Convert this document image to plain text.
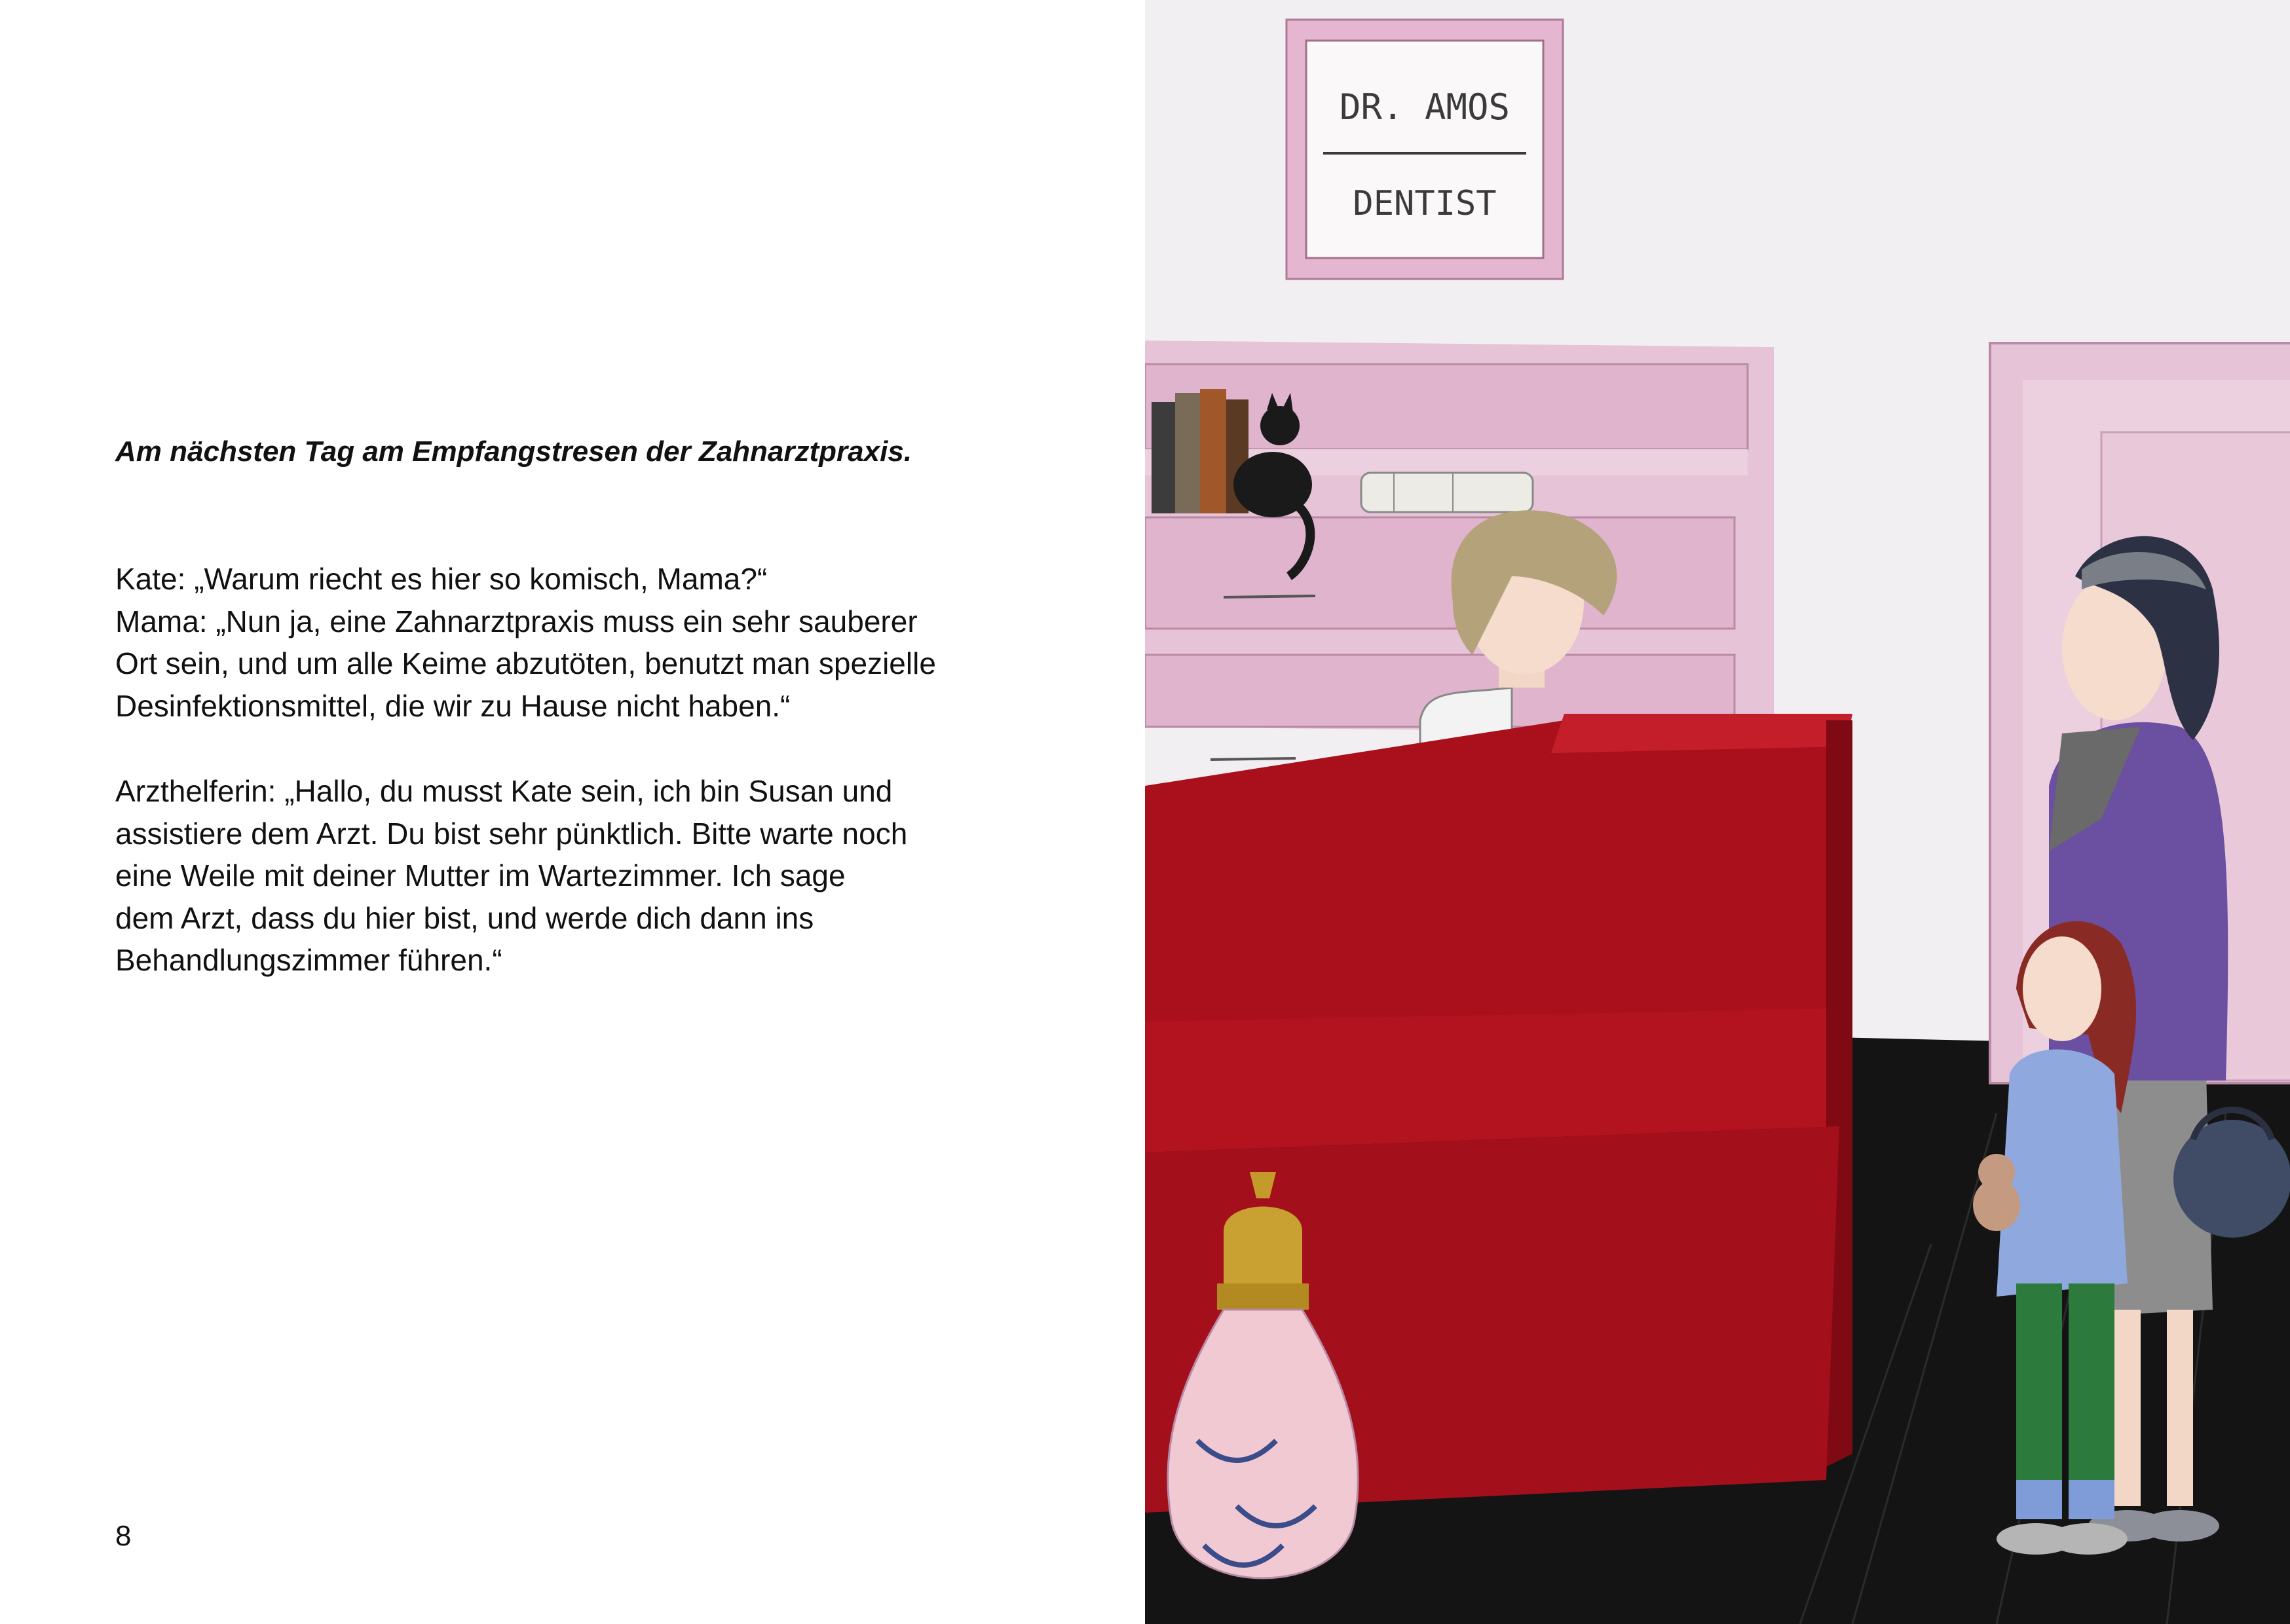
Am nächsten Tag am Empfangstresen der Zahnarztpraxis.

Kate: „Warum riecht es hier so komisch, Mama?“

Mama: „Nun ja, eine Zahnarztpraxis muss ein sehr sauberer

Ort sein, und um alle Keime abzutöten, benutzt man spezielle

Desinfektionsmittel, die wir zu Hause nicht haben.“

Arzthelferin: „Hallo, du musst Kate sein, ich bin Susan und

assistiere dem Arzt. Du bist sehr pünktlich. Bitte warte noch

eine Weile mit deiner Mutter im Wartezimmer. Ich sage

dem Arzt, dass du hier bist, und werde dich dann ins

Behandlungszimmer führen.“

8
DR. AMOS
DENTIST
